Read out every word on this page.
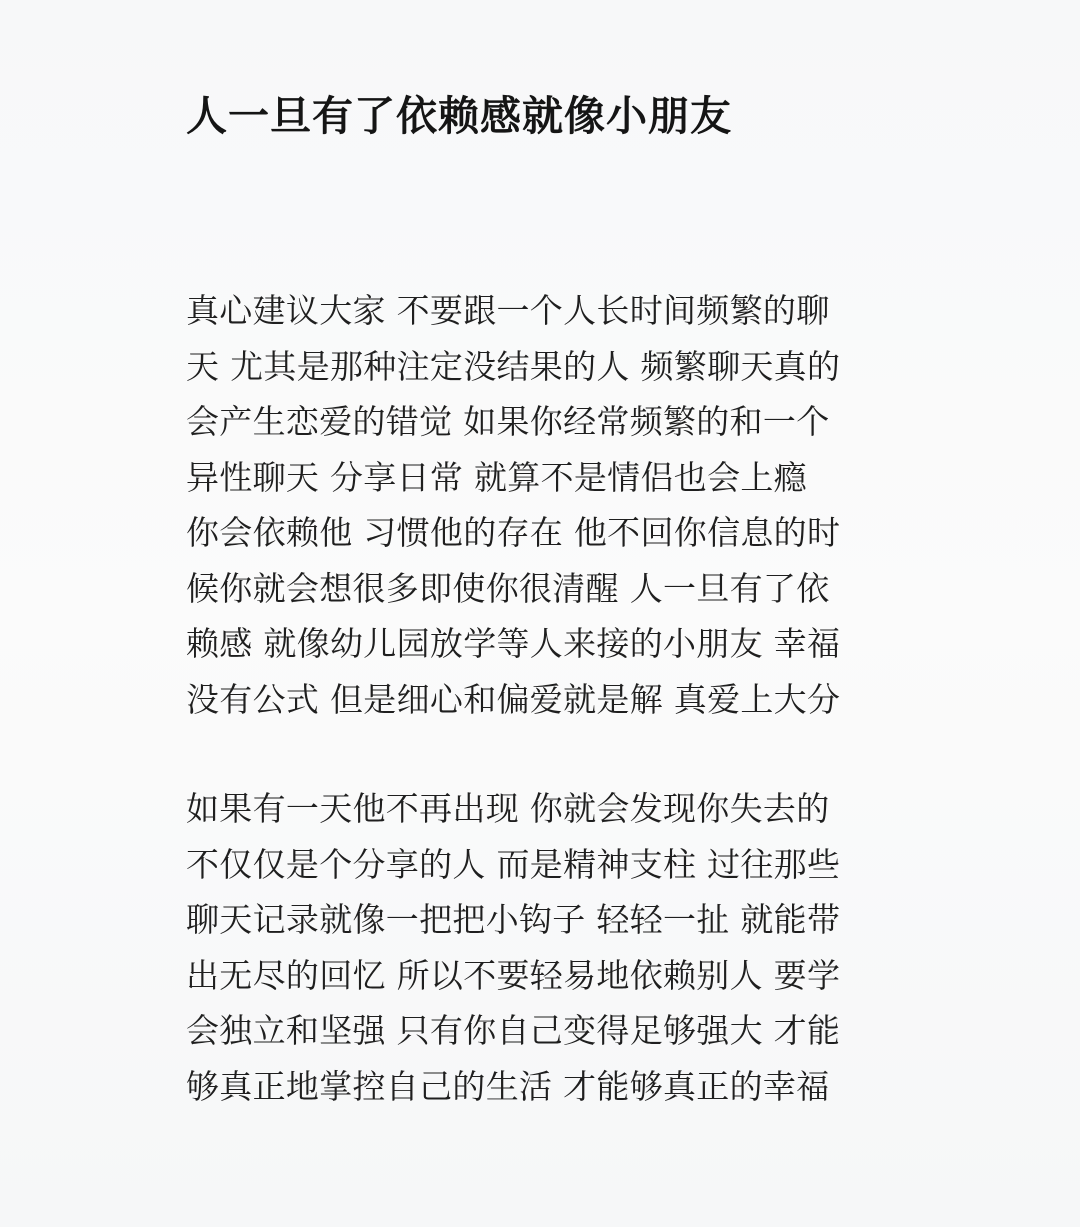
人一旦有了依赖感就像小朋友

真心建议大家 不要跟一个人长时间频繁的聊
天 尤其是那种注定没结果的人 频繁聊天真的
会产生恋爱的错觉 如果你经常频繁的和一个
异性聊天 分享日常 就算不是情侣也会上瘾
你会依赖他 习惯他的存在 他不回你信息的时
候你就会想很多即使你很清醒 人一旦有了依
赖感 就像幼儿园放学等人来接的小朋友 幸福
没有公式 但是细心和偏爱就是解 真爱上大分

如果有一天他不再出现 你就会发现你失去的
不仅仅是个分享的人 而是精神支柱 过往那些
聊天记录就像一把把小钩子 轻轻一扯 就能带
出无尽的回忆 所以不要轻易地依赖别人 要学
会独立和坚强 只有你自己变得足够强大 才能
够真正地掌控自己的生活 才能够真正的幸福
